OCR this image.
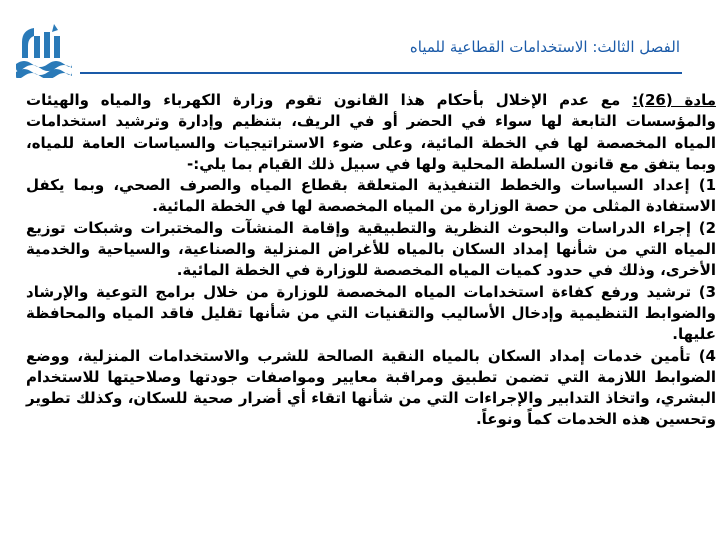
الفصل الثالث: الاستخدامات القطاعية للمياه

مادة (26): مع عدم الإخلال بأحكام هذا القانون تقوم وزارة الكهرباء والمياه والهيئات والمؤسسات التابعة لها سواء في الحضر أو في الريف، بتنظيم وإدارة وترشيد استخدامات المياه المخصصة لها في الخطة المائية، وعلى ضوء الاستراتيجيات والسياسات العامة للمياه، وبما يتفق مع قانون السلطة المحلية ولها في سبيل ذلك القيام بما يلي:-

1) إعداد السياسات والخطط التنفيذية المتعلقة بقطاع المياه والصرف الصحي، وبما يكفل الاستفادة المثلى من حصة الوزارة من المياه المخصصة لها في الخطة المائية.

2) إجراء الدراسات والبحوث النظرية والتطبيقية وإقامة المنشآت والمختبرات وشبكات توزيع المياه التي من شأنها إمداد السكان بالمياه للأغراض المنزلية والصناعية، والسياحية والخدمية الأخرى، وذلك في حدود كميات المياه المخصصة للوزارة في الخطة المائية.

3) ترشيد ورفع كفاءة استخدامات المياه المخصصة للوزارة من خلال برامج التوعية والإرشاد والضوابط التنظيمية وإدخال الأساليب والتقنيات التي من شأنها تقليل فاقد المياه والمحافظة عليها.

4) تأمين خدمات إمداد السكان بالمياه النقية الصالحة للشرب والاستخدامات المنزلية، ووضع الضوابط اللازمة التي تضمن تطبيق ومراقبة معايير ومواصفات جودتها وصلاحيتها للاستخدام البشري، واتخاذ التدابير والإجراءات التي من شأنها اتقاء أي أضرار صحية للسكان، وكذلك تطوير وتحسين هذه الخدمات كماً ونوعاً.
